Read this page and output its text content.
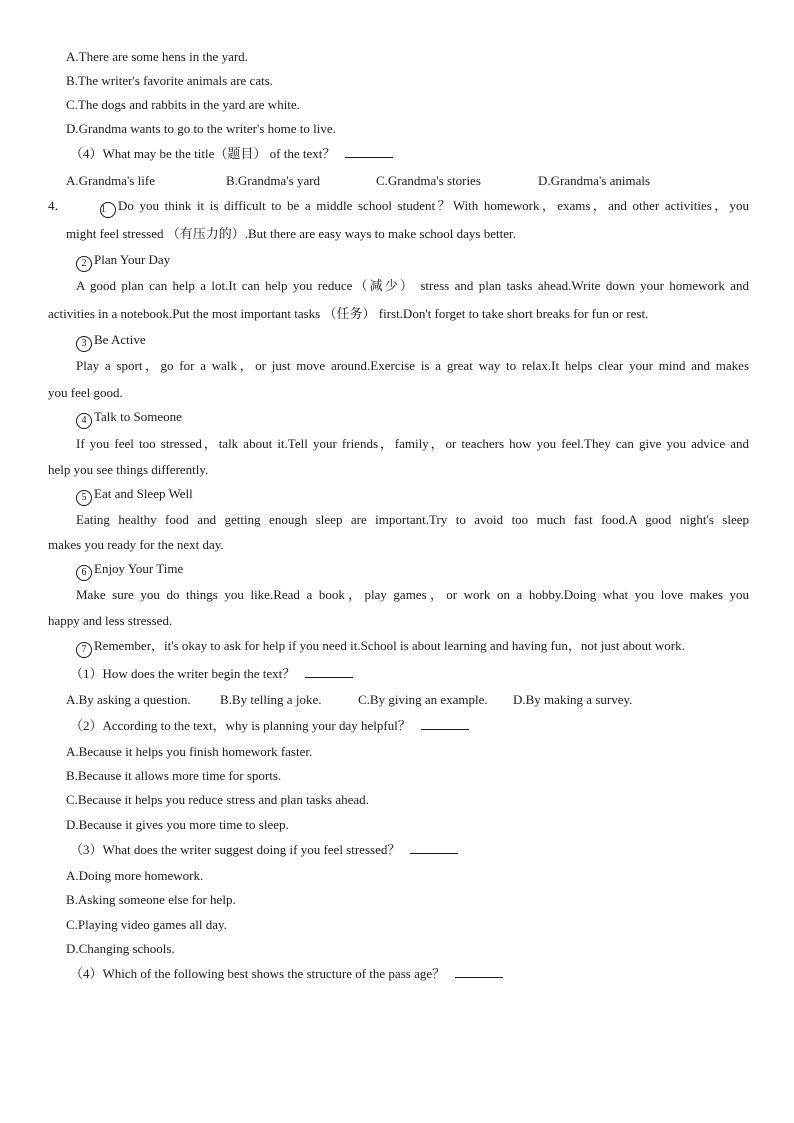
A.There are some hens in the yard.
B.The writer's favorite animals are cats.
C.The dogs and rabbits in the yard are white.
D.Grandma wants to go to the writer's home to live.
（4）What may be the title（题目） of the text？
A.Grandma's life	B.Grandma's yard	C.Grandma's stories	D.Grandma's animals
4．	1 Do you think it is difficult to be a middle school student？With homework，exams，and other activities，you
might feel stressed （有压力的）.But there are easy ways to make school days better.
2 Plan Your Day
A good plan can help a lot.It can help you reduce（减少） stress and plan tasks ahead.Write down your homework and
activities in a notebook.Put the most important tasks （任务） first.Don't forget to take short breaks for fun or rest.
3 Be Active
Play a sport，go for a walk，or just move around.Exercise is a great way to relax.It helps clear your mind and makes
you feel good.
4 Talk to Someone
If you feel too stressed，talk about it.Tell your friends，family，or teachers how you feel.They can give you advice and
help you see things differently.
5 Eat and Sleep Well
Eating healthy food and getting enough sleep are important.Try to avoid too much fast food.A good night's sleep
makes you ready for the next day.
6 Enjoy Your Time
Make sure you do things you like.Read a book，play games，or work on a hobby.Doing what you love makes you
happy and less stressed.
7 Remember，it's okay to ask for help if you need it.School is about learning and having fun，not just about work.
（1）How does the writer begin the text？
A.By asking a question. B.By telling a joke.	C.By giving an example. D.By making a survey.
（2）According to the text，why is planning your day helpful？
A.Because it helps you finish homework faster.
B.Because it allows more time for sports.
C.Because it helps you reduce stress and plan tasks ahead.
D.Because it gives you more time to sleep.
（3）What does the writer suggest doing if you feel stressed？
A.Doing more homework.
B.Asking someone else for help.
C.Playing video games all day.
D.Changing schools.
（4）Which of the following best shows the structure of the pass age？
